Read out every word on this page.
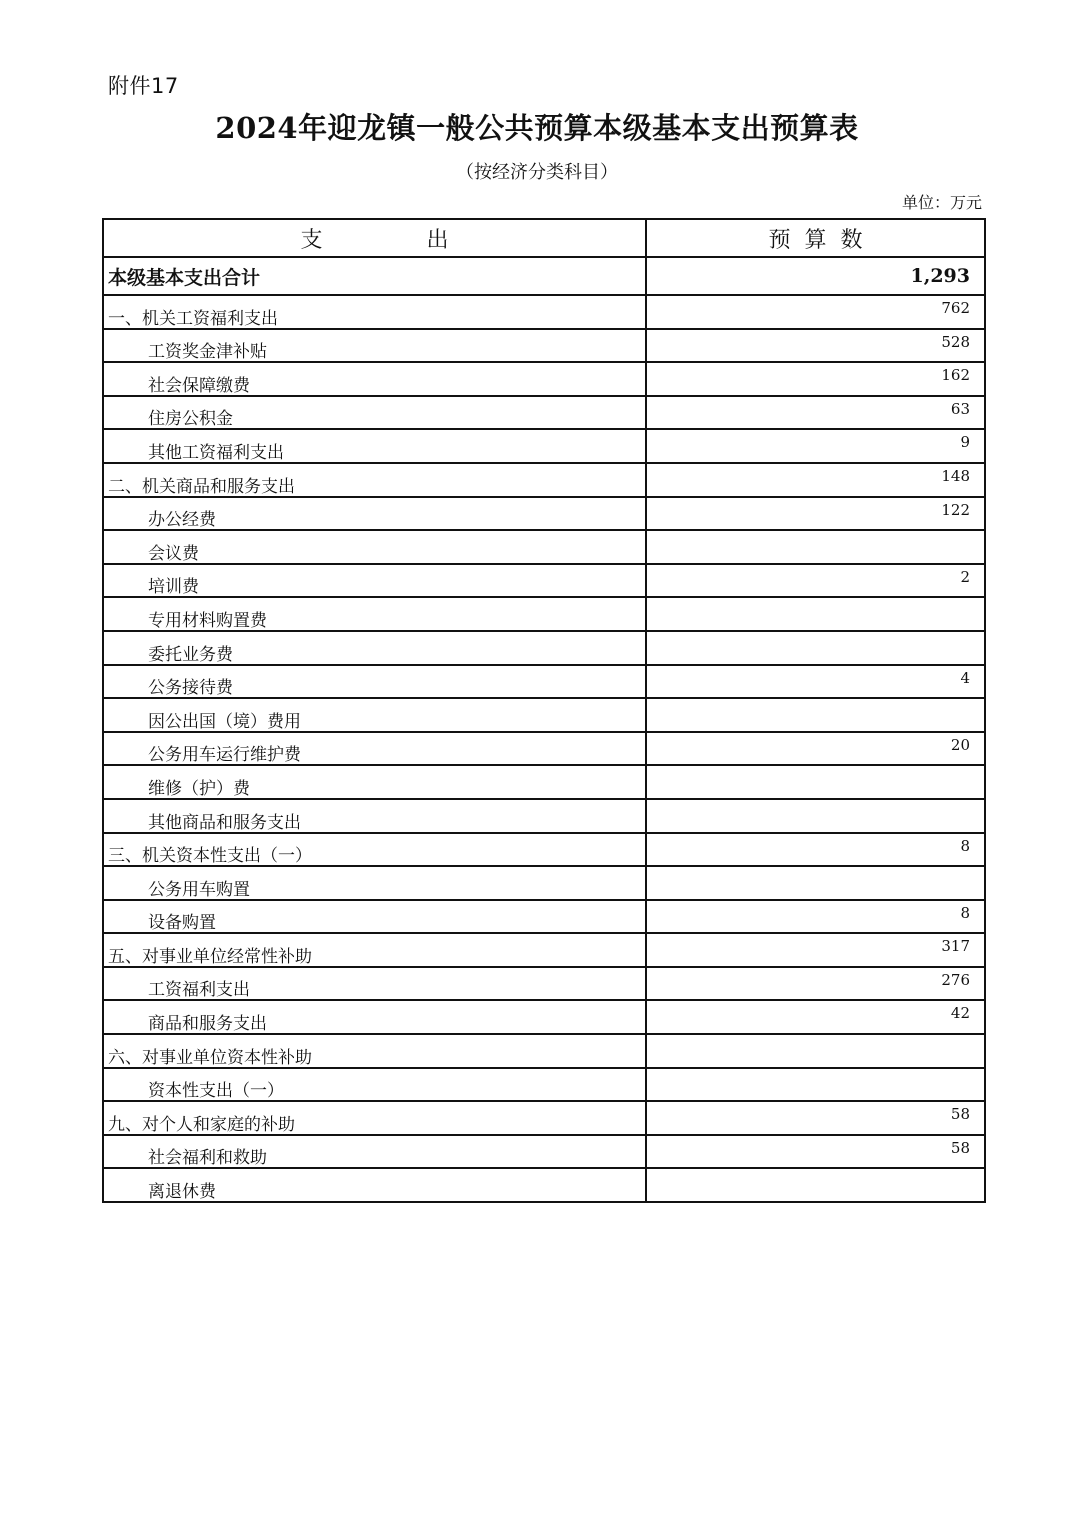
附件17
2024年迎龙镇一般公共预算本级基本支出预算表
（按经济分类科目）
单位：万元
支出	预算数
本级基本支出合计	1,293
一、机关工资福利支出	762
工资奖金津补贴	528
社会保障缴费	162
住房公积金	63
其他工资福利支出	9
二、机关商品和服务支出	148
办公经费	122
会议费	
培训费	2
专用材料购置费	
委托业务费	
公务接待费	4
因公出国（境）费用	
公务用车运行维护费	20
维修（护）费	
其他商品和服务支出	
三、机关资本性支出（一）	8
公务用车购置	
设备购置	8
五、对事业单位经常性补助	317
工资福利支出	276
商品和服务支出	42
六、对事业单位资本性补助	
资本性支出（一）	
九、对个人和家庭的补助	58
社会福利和救助	58
离退休费	
